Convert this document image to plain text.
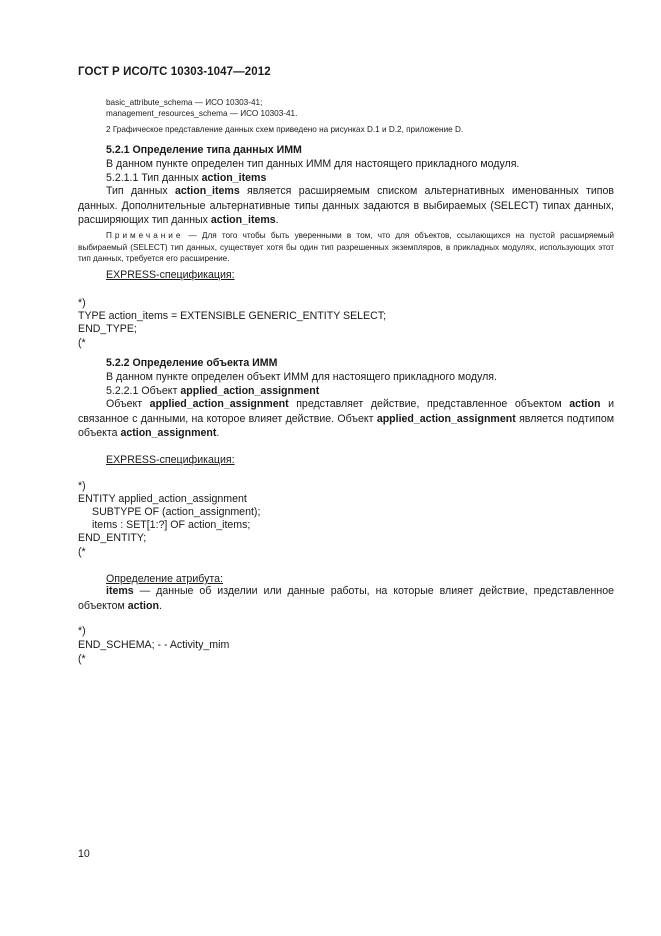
ГОСТ Р ИСО/ТС 10303-1047—2012
basic_attribute_schema — ИСО 10303-41;
management_resources_schema — ИСО 10303-41.
2 Графическое представление данных схем приведено на рисунках D.1 и D.2, приложение D.
5.2.1 Определение типа данных ИММ
В данном пункте определен тип данных ИММ для настоящего прикладного модуля.
5.2.1.1 Тип данных action_items
Тип данных action_items является расширяемым списком альтернативных именованных типов данных. Дополнительные альтернативные типы данных задаются в выбираемых (SELECT) типах данных, расширяющих тип данных action_items.
Примечание — Для того чтобы быть уверенными в том, что для объектов, ссылающихся на пустой расширяемый выбираемый (SELECT) тип данных, существует хотя бы один тип разрешенных экземпляров, в прикладных модулях, использующих этот тип данных, требуется его расширение.
EXPRESS-спецификация:
*)
TYPE action_items = EXTENSIBLE GENERIC_ENTITY SELECT;
END_TYPE;
(*
5.2.2 Определение объекта ИММ
В данном пункте определен объект ИММ для настоящего прикладного модуля.
5.2.2.1 Объект applied_action_assignment
Объект applied_action_assignment представляет действие, представленное объектом action и связанное с данными, на которое влияет действие. Объект applied_action_assignment является подтипом объекта action_assignment.
EXPRESS-спецификация:
*)
ENTITY applied_action_assignment
SUBTYPE OF (action_assignment);
items : SET[1:?] OF action_items;
END_ENTITY;
(*
Определение атрибута:
items — данные об изделии или данные работы, на которые влияет действие, представленное объектом action.
*)
END_SCHEMA; - - Activity_mim
(*
10
